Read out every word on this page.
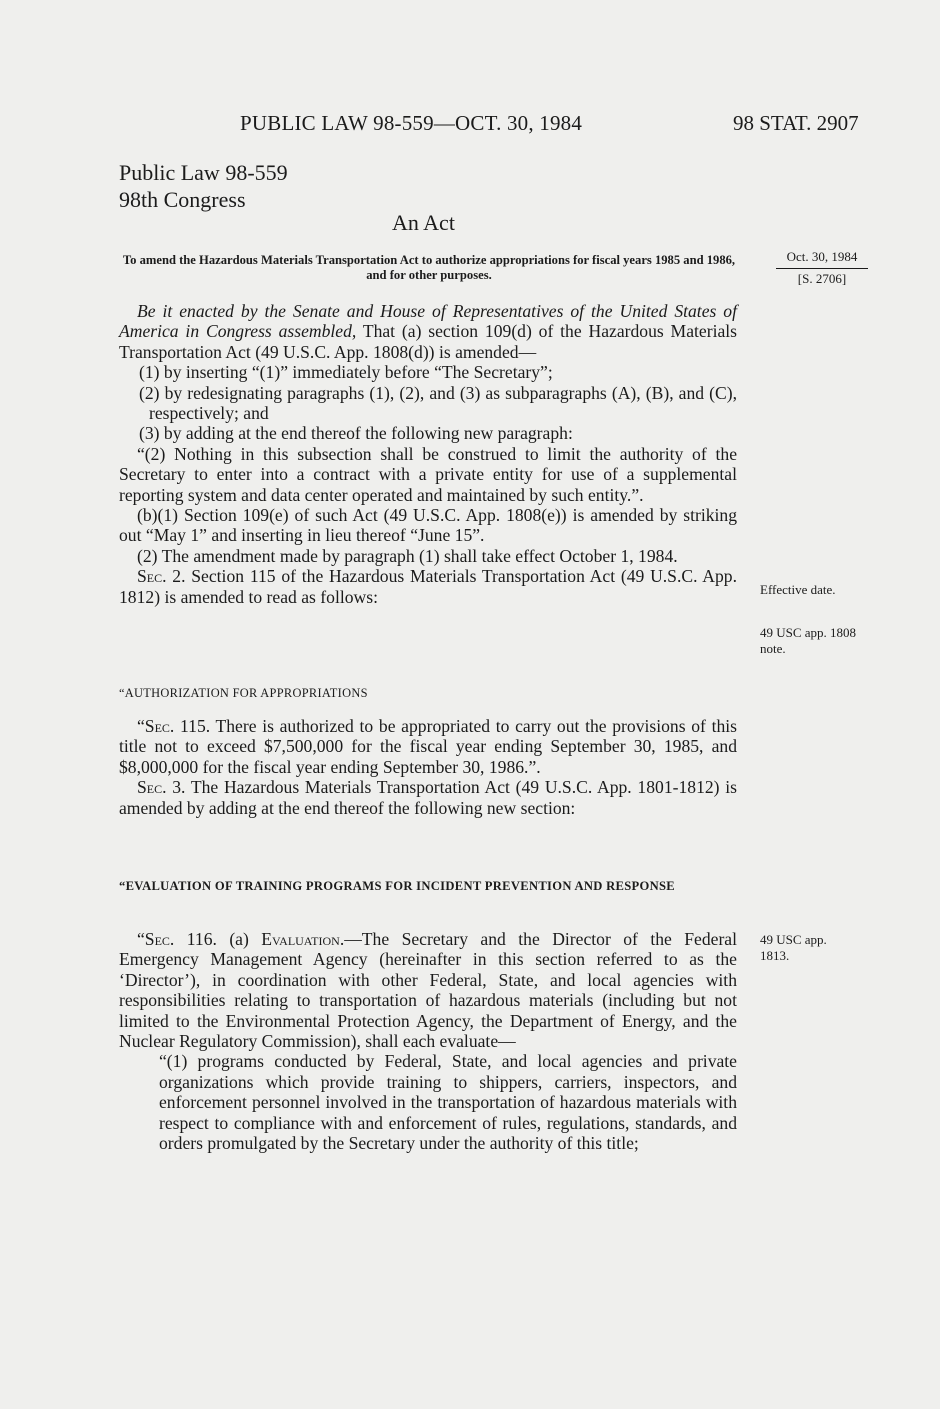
PUBLIC LAW 98-559—OCT. 30, 1984	98 STAT. 2907
Public Law 98-559
98th Congress
An Act
To amend the Hazardous Materials Transportation Act to authorize appropriations for fiscal years 1985 and 1986, and for other purposes.
Oct. 30, 1984
[S. 2706]
Effective date.
49 USC app. 1808
note.
49 USC app.
1813.

Be it enacted by the Senate and House of Representatives of the United States of America in Congress assembled, That (a) section 109(d) of the Hazardous Materials Transportation Act (49 U.S.C. App. 1808(d)) is amended—

(1) by inserting “(1)” immediately before “The Secretary”;

(2) by redesignating paragraphs (1), (2), and (3) as subparagraphs (A), (B), and (C), respectively; and

(3) by adding at the end thereof the following new paragraph:

“(2) Nothing in this subsection shall be construed to limit the authority of the Secretary to enter into a contract with a private entity for use of a supplemental reporting system and data center operated and maintained by such entity.”.

(b)(1) Section 109(e) of such Act (49 U.S.C. App. 1808(e)) is amended by striking out “May 1” and inserting in lieu thereof “June 15”.

(2) The amendment made by paragraph (1) shall take effect October 1, 1984.

Sec. 2. Section 115 of the Hazardous Materials Transportation Act (49 U.S.C. App. 1812) is amended to read as follows:

“AUTHORIZATION FOR APPROPRIATIONS

“Sec. 115. There is authorized to be appropriated to carry out the provisions of this title not to exceed $7,500,000 for the fiscal year ending September 30, 1985, and $8,000,000 for the fiscal year ending September 30, 1986.”.

Sec. 3. The Hazardous Materials Transportation Act (49 U.S.C. App. 1801-1812) is amended by adding at the end thereof the following new section:

“EVALUATION OF TRAINING PROGRAMS FOR INCIDENT PREVENTION AND RESPONSE

“Sec. 116. (a) Evaluation.—The Secretary and the Director of the Federal Emergency Management Agency (hereinafter in this section referred to as the ‘Director’), in coordination with other Federal, State, and local agencies with responsibilities relating to transportation of hazardous materials (including but not limited to the Environmental Protection Agency, the Department of Energy, and the Nuclear Regulatory Commission), shall each evaluate—

“(1) programs conducted by Federal, State, and local agencies and private organizations which provide training to shippers, carriers, inspectors, and enforcement personnel involved in the transportation of hazardous materials with respect to compliance with and enforcement of rules, regulations, standards, and orders promulgated by the Secretary under the authority of this title;
